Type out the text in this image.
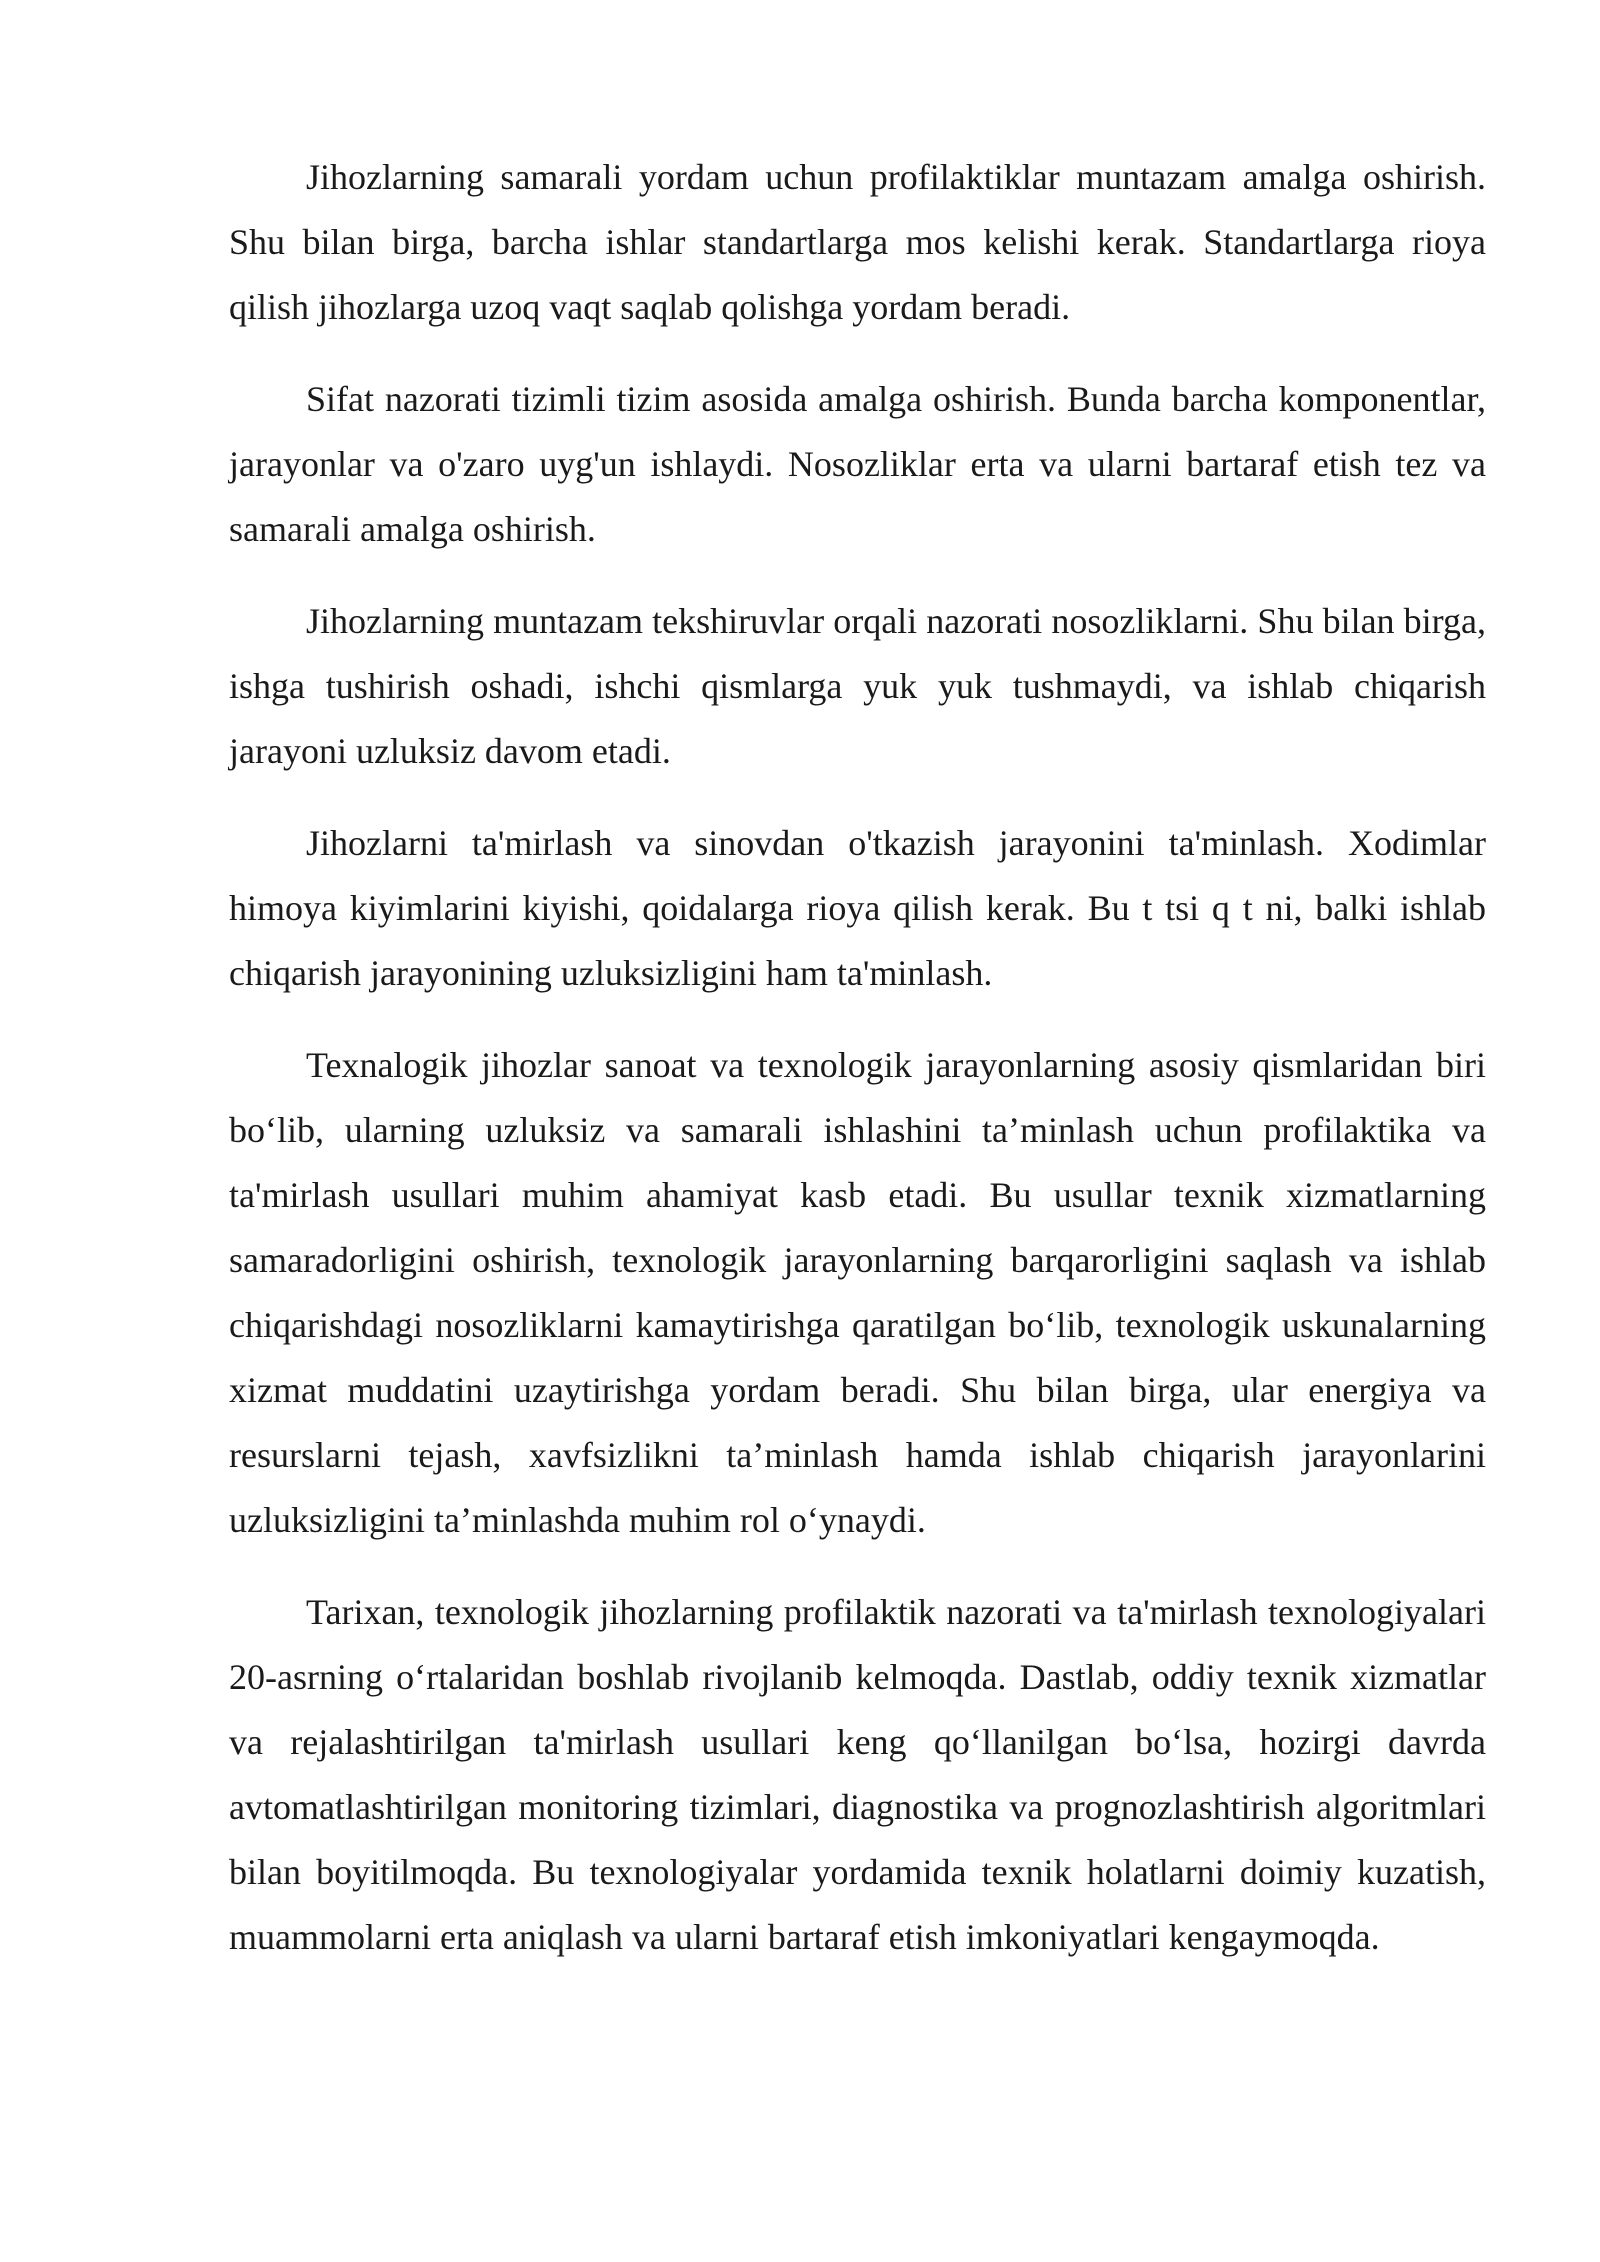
Jihozlarning samarali yordam uchun profilaktiklar muntazam amalga oshirish. Shu bilan birga, barcha ishlar standartlarga mos kelishi kerak. Standartlarga rioya qilish jihozlarga uzoq vaqt saqlab qolishga yordam beradi.

Sifat nazorati tizimli tizim asosida amalga oshirish. Bunda barcha komponentlar, jarayonlar va o'zaro uyg'un ishlaydi. Nosozliklar erta va ularni bartaraf etish tez va samarali amalga oshirish.

Jihozlarning muntazam tekshiruvlar orqali nazorati nosozliklarni. Shu bilan birga, ishga tushirish oshadi, ishchi qismlarga yuk yuk tushmaydi, va ishlab chiqarish jarayoni uzluksiz davom etadi.

Jihozlarni ta'mirlash va sinovdan o'tkazish jarayonini ta'minlash. Xodimlar himoya kiyimlarini kiyishi, qoidalarga rioya qilish kerak. Bu t tsi q t ni, balki ishlab chiqarish jarayonining uzluksizligini ham ta'minlash.

Texnalogik jihozlar sanoat va texnologik jarayonlarning asosiy qismlaridan biri bo‘lib, ularning uzluksiz va samarali ishlashini ta’minlash uchun profilaktika va ta'mirlash usullari muhim ahamiyat kasb etadi. Bu usullar texnik xizmatlarning samaradorligini oshirish, texnologik jarayonlarning barqarorligini saqlash va ishlab chiqarishdagi nosozliklarni kamaytirishga qaratilgan bo‘lib, texnologik uskunalarning xizmat muddatini uzaytirishga yordam beradi. Shu bilan birga, ular energiya va resurslarni tejash, xavfsizlikni ta’minlash hamda ishlab chiqarish jarayonlarini uzluksizligini ta’minlashda muhim rol o‘ynaydi.

Tarixan, texnologik jihozlarning profilaktik nazorati va ta'mirlash texnologiyalari 20-asrning o‘rtalaridan boshlab rivojlanib kelmoqda. Dastlab, oddiy texnik xizmatlar va rejalashtirilgan ta'mirlash usullari keng qo‘llanilgan bo‘lsa, hozirgi davrda avtomatlashtirilgan monitoring tizimlari, diagnostika va prognozlashtirish algoritmlari bilan boyitilmoqda. Bu texnologiyalar yordamida texnik holatlarni doimiy kuzatish, muammolarni erta aniqlash va ularni bartaraf etish imkoniyatlari kengaymoqda.
